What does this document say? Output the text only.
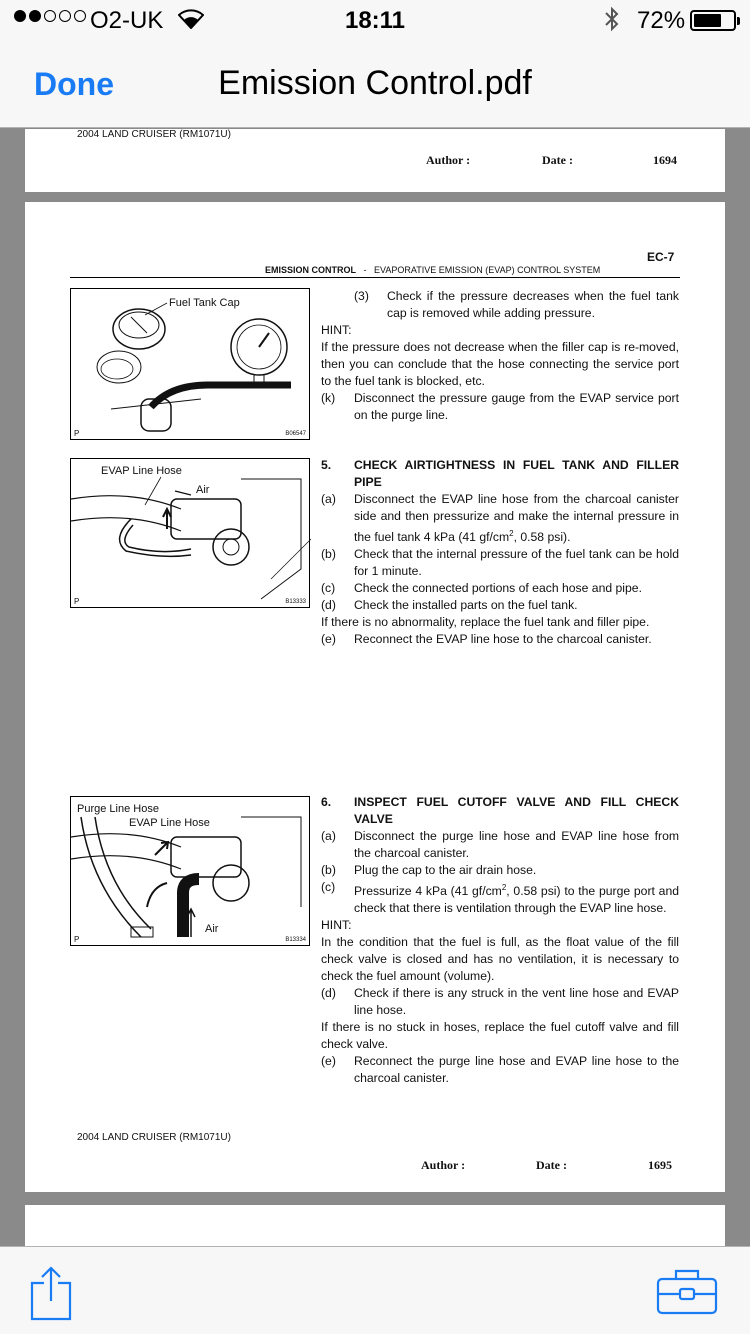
O2-UK	18:11	72%
Done	Emission Control.pdf
2004 LAND CRUISER (RM1071U)
Author :	Date :	1694
EC-7
EMISSION CONTROL - EVAPORATIVE EMISSION (EVAP) CONTROL SYSTEM
Fuel Tank Cap
P	B06547
(3)	Check if the pressure decreases when the fuel tank cap is removed while adding pressure.
HINT:
If the pressure does not decrease when the filler cap is re-moved, then you can conclude that the hose connecting the service port to the fuel tank is blocked, etc.
(k)	Disconnect the pressure gauge from the EVAP service port on the purge line.
EVAP Line Hose
Air
P	B13333
5.	CHECK AIRTIGHTNESS IN FUEL TANK AND FILLER PIPE
(a)	Disconnect the EVAP line hose from the charcoal canister side and then pressurize and make the internal pressure in the fuel tank 4 kPa (41 $gf/cm^2$, 0.58 psi).
(b)	Check that the internal pressure of the fuel tank can be hold for 1 minute.
(c)	Check the connected portions of each hose and pipe.
(d)	Check the installed parts on the fuel tank.
If there is no abnormality, replace the fuel tank and filler pipe.
(e)	Reconnect the EVAP line hose to the charcoal canister.
Purge Line Hose
EVAP Line Hose
Air
P	B13334
6.	INSPECT FUEL CUTOFF VALVE AND FILL CHECK VALVE
(a)	Disconnect the purge line hose and EVAP line hose from the charcoal canister.
(b)	Plug the cap to the air drain hose.
(c)	Pressurize 4 kPa (41 $gf/cm^2$, 0.58 psi) to the purge port and check that there is ventilation through the EVAP line hose.
HINT:
In the condition that the fuel is full, as the float value of the fill check valve is closed and has no ventilation, it is necessary to check the fuel amount (volume).
(d)	Check if there is any struck in the vent line hose and EVAP line hose.
If there is no stuck in hoses, replace the fuel cutoff valve and fill check valve.
(e)	Reconnect the purge line hose and EVAP line hose to the charcoal canister.
2004 LAND CRUISER (RM1071U)
Author :	Date :	1695
